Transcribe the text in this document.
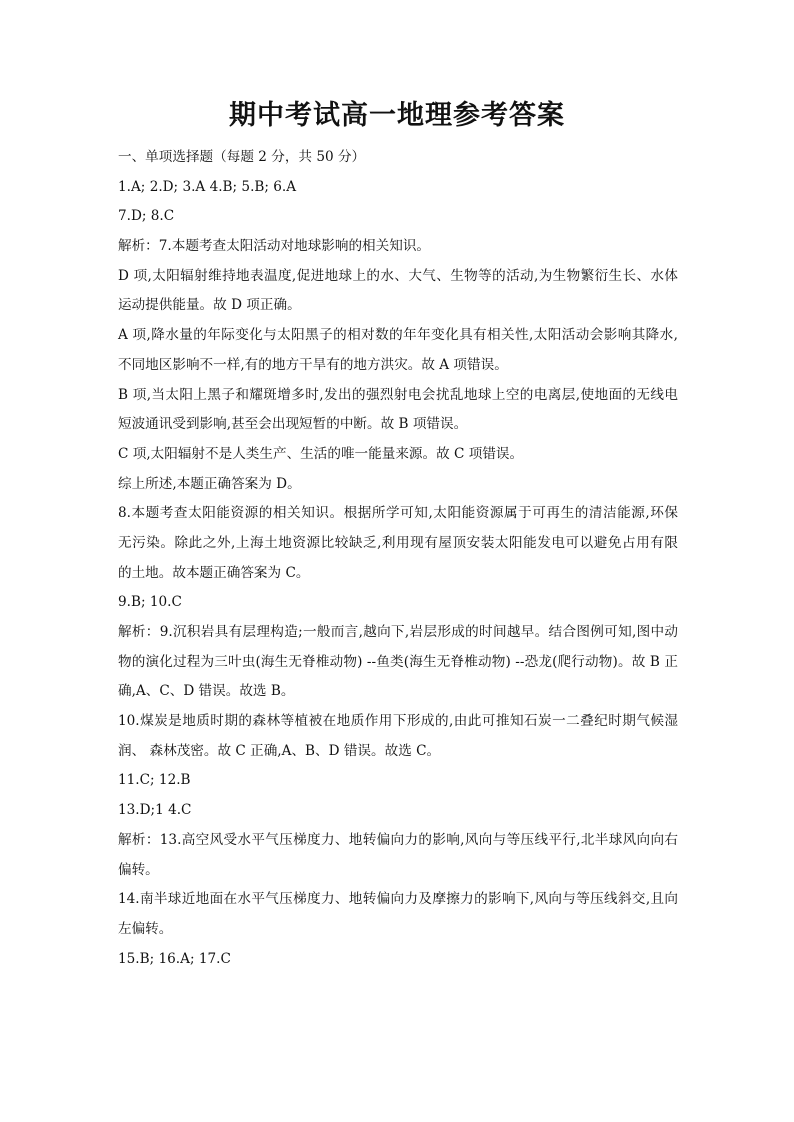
期中考试高一地理参考答案
一、单项选择题（每题 2 分，共 50 分）
1.A; 2.D; 3.A 4.B; 5.B; 6.A
7.D; 8.C
解析：7.本题考查太阳活动对地球影响的相关知识。
D 项,太阳辐射维持地表温度,促进地球上的水、大气、生物等的活动,为生物繁衍生长、水体
运动提供能量。故 D 项正确。
A 项,降水量的年际变化与太阳黑子的相对数的年年变化具有相关性,太阳活动会影响其降水,
不同地区影响不一样,有的地方干旱有的地方洪灾。故 A 项错误。
B 项,当太阳上黑子和耀斑增多时,发出的强烈射电会扰乱地球上空的电离层,使地面的无线电
短波通讯受到影响,甚至会出现短暂的中断。故 B 项错误。
C 项,太阳辐射不是人类生产、生活的唯一能量来源。故 C 项错误。
综上所述,本题正确答案为 D。
8.本题考查太阳能资源的相关知识。根据所学可知,太阳能资源属于可再生的清洁能源,环保
无污染。除此之外,上海土地资源比较缺乏,利用现有屋顶安装太阳能发电可以避免占用有限
的土地。故本题正确答案为 C。
9.B; 10.C
解析：9.沉积岩具有层理构造;一般而言,越向下,岩层形成的时间越早。结合图例可知,图中动
物的演化过程为三叶虫(海生无脊椎动物) --鱼类(海生无脊椎动物) --恐龙(爬行动物)。故 B 正
确,A、C、D 错误。故选 B。
10.煤炭是地质时期的森林等植被在地质作用下形成的,由此可推知石炭一二叠纪时期气候湿
润、 森林茂密。故 C 正确,A、B、D 错误。故选 C。
11.C; 12.B
13.D;1 4.C
解析：13.高空风受水平气压梯度力、地转偏向力的影响,风向与等压线平行,北半球风向向右
偏转。
14.南半球近地面在水平气压梯度力、地转偏向力及摩擦力的影响下,风向与等压线斜交,且向
左偏转。
15.B; 16.A; 17.C
